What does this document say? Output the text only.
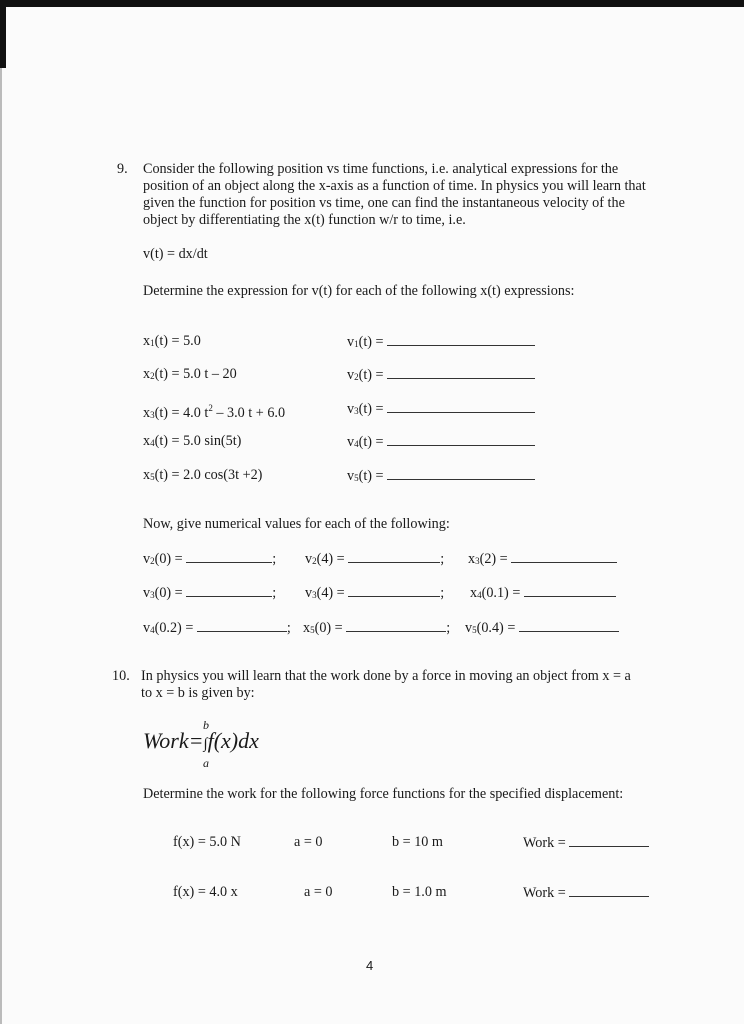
9. Consider the following position vs time functions, i.e. analytical expressions for the position of an object along the x-axis as a function of time. In physics you will learn that given the function for position vs time, one can find the instantaneous velocity of the object by differentiating the x(t) function w/r to time, i.e.
v(t) = dx/dt
Determine the expression for v(t) for each of the following x(t) expressions:
$x_1(t) = 5.0$	$v_1(t)$ =
$x_2(t) = 5.0$ t – 20	$v_2(t)$ =
$x_3(t) = 4.0$ $t^2 - 3.0$ t + 6.0	$v_3(t)$ =
$x_4(t) = 5.0$ sin(5t)	$v_4(t)$ =
$x_5(t) = 2.0$ cos(3t +2)	$v_5(t)$ =
Now, give numerical values for each of the following:
$v_2(0)$ =	; $v_2(4)$ =	; $x_3(2)$ =
$v_3(0)$ =	; $v_3(4)$ =	; $x_4(0.1)$ =
$v_4(0.2)$ =	; $x_5(0)$ =	; $v_5(0.4)$ =
10. In physics you will learn that the work done by a force in moving an object from x = a
to x = b is given by:
b
Work=∫f(x)dx
a
Determine the work for the following force functions for the specified displacement:
f(x) = 5.0 N	a = 0	b = 10 m	Work =
f(x) = 4.0 x	a = 0	b = 1.0 m	Work =
4
